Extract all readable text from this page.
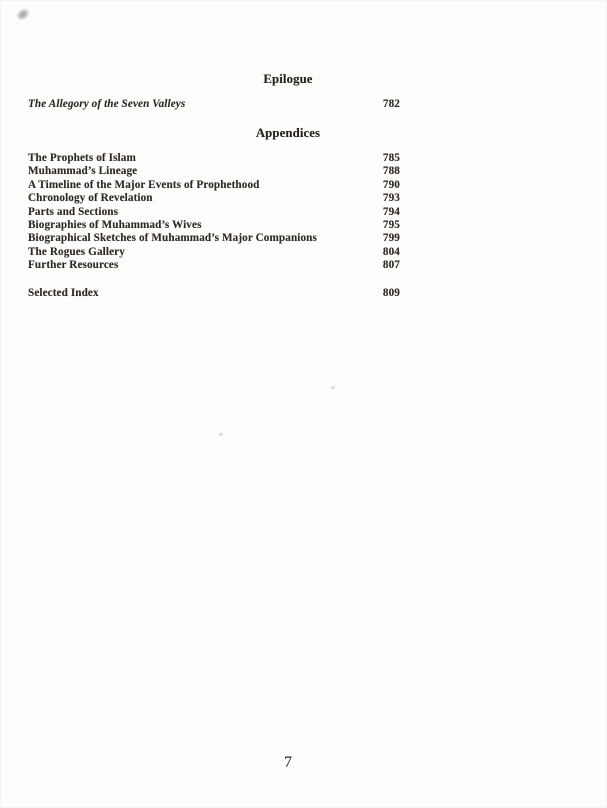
Epilogue
The Allegory of the Seven Valleys	782
Appendices
The Prophets of Islam	785
Muhammad’s Lineage	788
A Timeline of the Major Events of Prophethood	790
Chronology of Revelation	793
Parts and Sections	794
Biographies of Muhammad’s Wives	795
Biographical Sketches of Muhammad’s Major Companions	799
The Rogues Gallery	804
Further Resources	807
Selected Index	809
7
